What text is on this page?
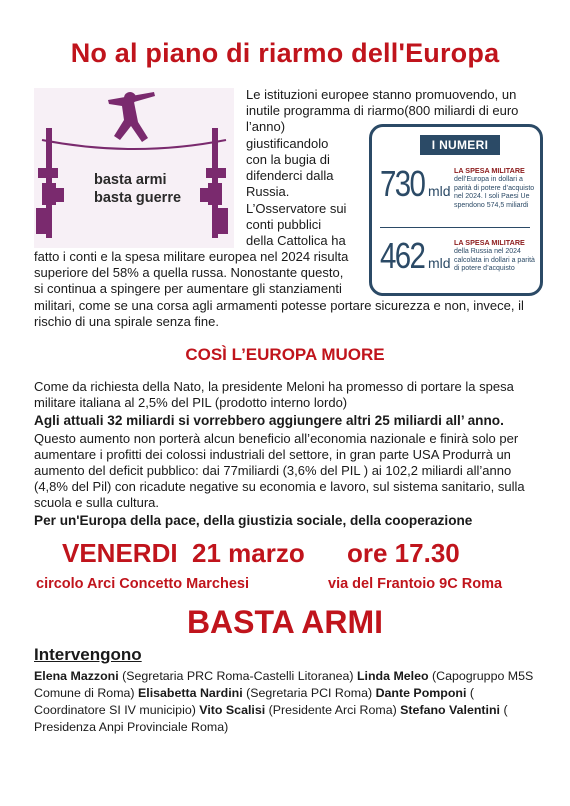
No al piano di riarmo dell'Europa
basta armi
basta guerre
Le istituzioni europee stanno promuovendo, un
inutile programma di riarmo(800 miliardi di euro
l’anno)
giustificandolo
con la bugia di
difenderci dalla
Russia.
L’Osservatore sui
conti pubblici
della Cattolica ha
fatto i conti e la spesa militare europea nel 2024 risulta
superiore del 58% a quella russa. Nonostante questo,
si continua a spingere per aumentare gli stanziamenti
militari, come se una corsa agli armamenti potesse portare sicurezza e non, invece, il
rischio di una spirale senza fine.
I NUMERI
730 mld
LA SPESA MILITARE
dell’Europa in dollari a parità di potere d’acquisto nel 2024. I soli Paesi Ue spendono 574,5 miliardi
462 mld
LA SPESA MILITARE
della Russia nel 2024 calcolata in dollari a parità di potere d’acquisto
COSÌ L’EUROPA MUORE
Come da richiesta della Nato, la presidente Meloni ha promesso di portare la spesa militare italiana al 2,5% del PIL (prodotto interno lordo)
Agli attuali 32 miliardi si vorrebbero aggiungere altri 25 miliardi all’ anno.
Questo aumento non porterà alcun beneficio all’economia nazionale e finirà solo per aumentare i profitti dei colossi industriali del settore, in gran parte USA Produrrà un aumento del deficit pubblico: dai 77miliardi (3,6% del PIL ) ai 102,2 miliardi all’anno (4,8% del Pil) con ricadute negative su economia e lavoro, sul sistema sanitario, sulla scuola e sulla cultura.
Per un'Europa della pace, della giustizia sociale, della cooperazione
VENERDI  21 marzo ore 17.30
circolo Arci Concetto Marchesi	via del Frantoio 9C Roma
BASTA ARMI
Intervengono
Elena Mazzoni (Segretaria PRC Roma-Castelli Litoranea) Linda Meleo (Capogruppo M5S Comune di Roma) Elisabetta Nardini (Segretaria PCI Roma) Dante Pomponi ( Coordinatore SI IV municipio) Vito Scalisi (Presidente Arci Roma) Stefano Valentini ( Presidenza Anpi Provinciale Roma)
